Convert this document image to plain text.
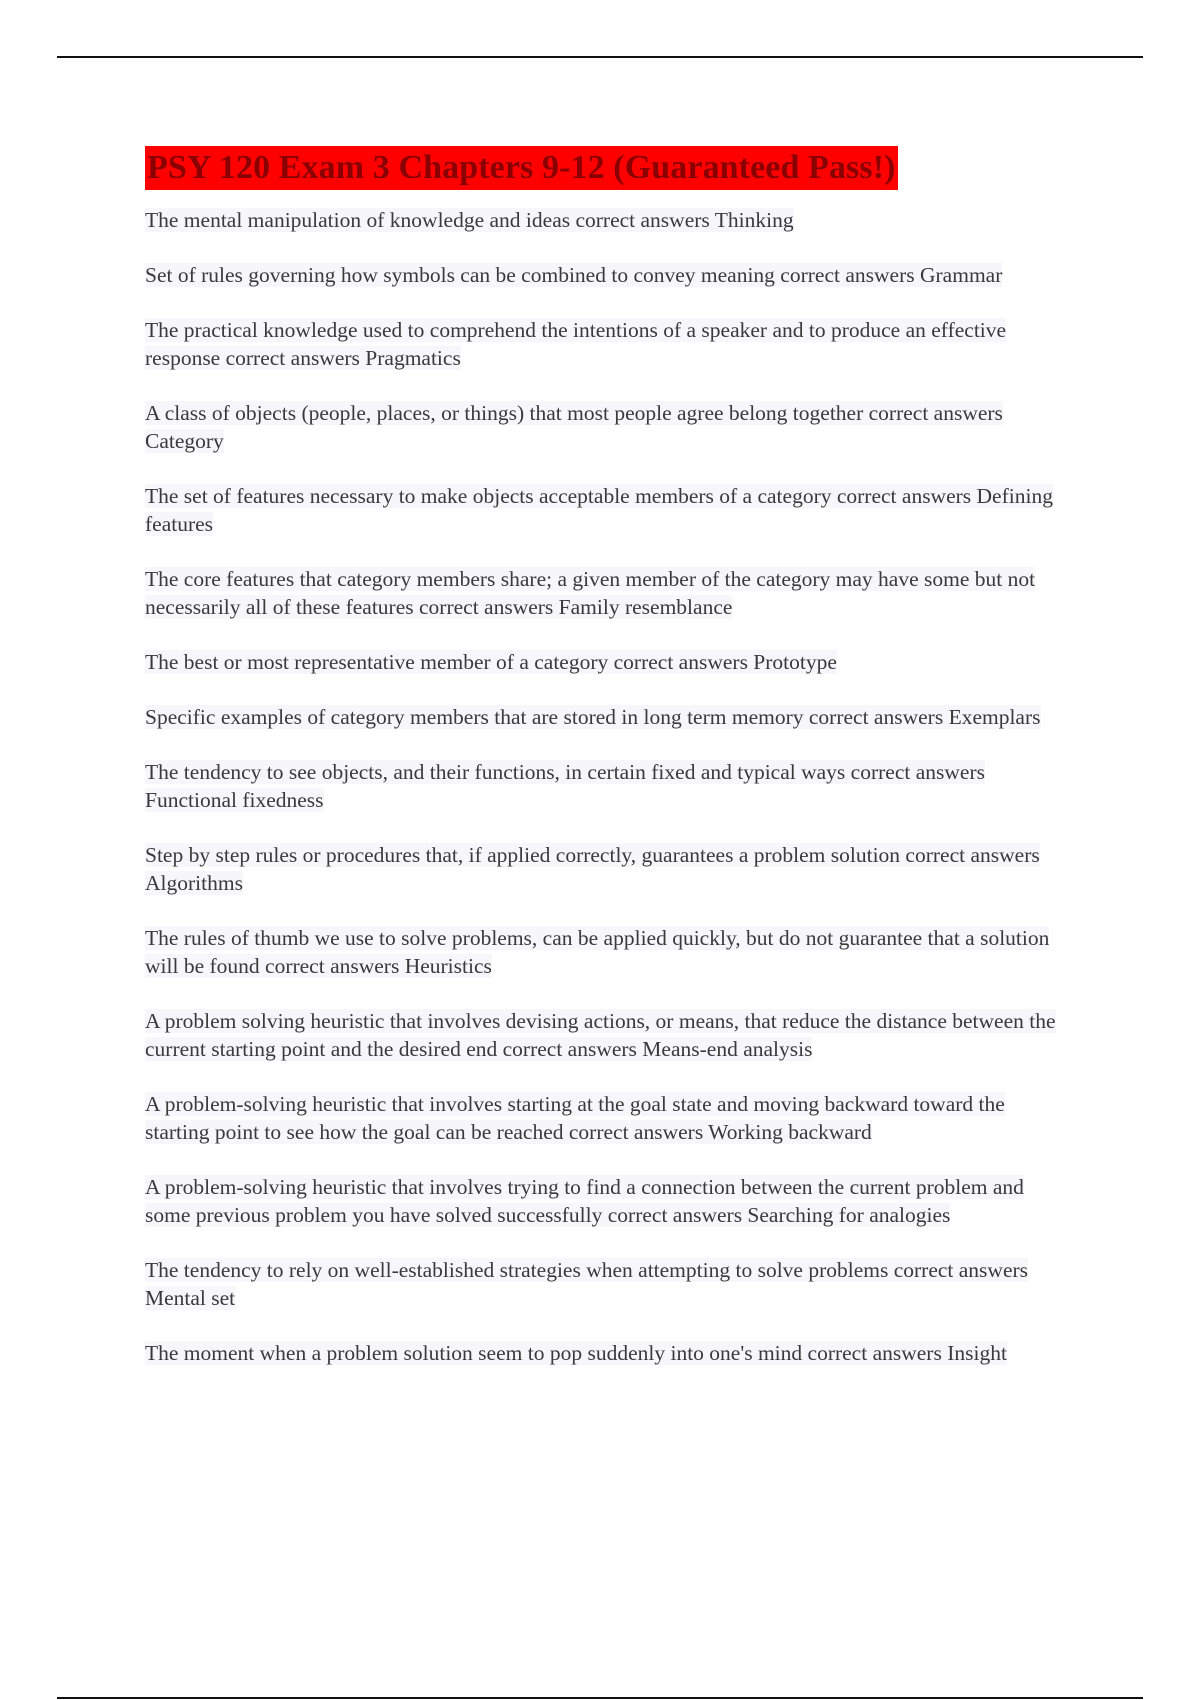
PSY 120 Exam 3 Chapters 9-12 (Guaranteed Pass!)

The mental manipulation of knowledge and ideas correct answers Thinking

Set of rules governing how symbols can be combined to convey meaning correct answers Grammar

The practical knowledge used to comprehend the intentions of a speaker and to produce an effective response correct answers Pragmatics

A class of objects (people, places, or things) that most people agree belong together correct answers Category

The set of features necessary to make objects acceptable members of a category correct answers Defining features

The core features that category members share; a given member of the category may have some but not necessarily all of these features correct answers Family resemblance

The best or most representative member of a category correct answers Prototype

Specific examples of category members that are stored in long term memory correct answers Exemplars

The tendency to see objects, and their functions, in certain fixed and typical ways correct answers Functional fixedness

Step by step rules or procedures that, if applied correctly, guarantees a problem solution correct answers Algorithms

The rules of thumb we use to solve problems, can be applied quickly, but do not guarantee that a solution will be found correct answers Heuristics

A problem solving heuristic that involves devising actions, or means, that reduce the distance between the current starting point and the desired end correct answers Means-end analysis

A problem-solving heuristic that involves starting at the goal state and moving backward toward the starting point to see how the goal can be reached correct answers Working backward

A problem-solving heuristic that involves trying to find a connection between the current problem and some previous problem you have solved successfully correct answers Searching for analogies

The tendency to rely on well-established strategies when attempting to solve problems correct answers Mental set

The moment when a problem solution seem to pop suddenly into one's mind correct answers Insight
